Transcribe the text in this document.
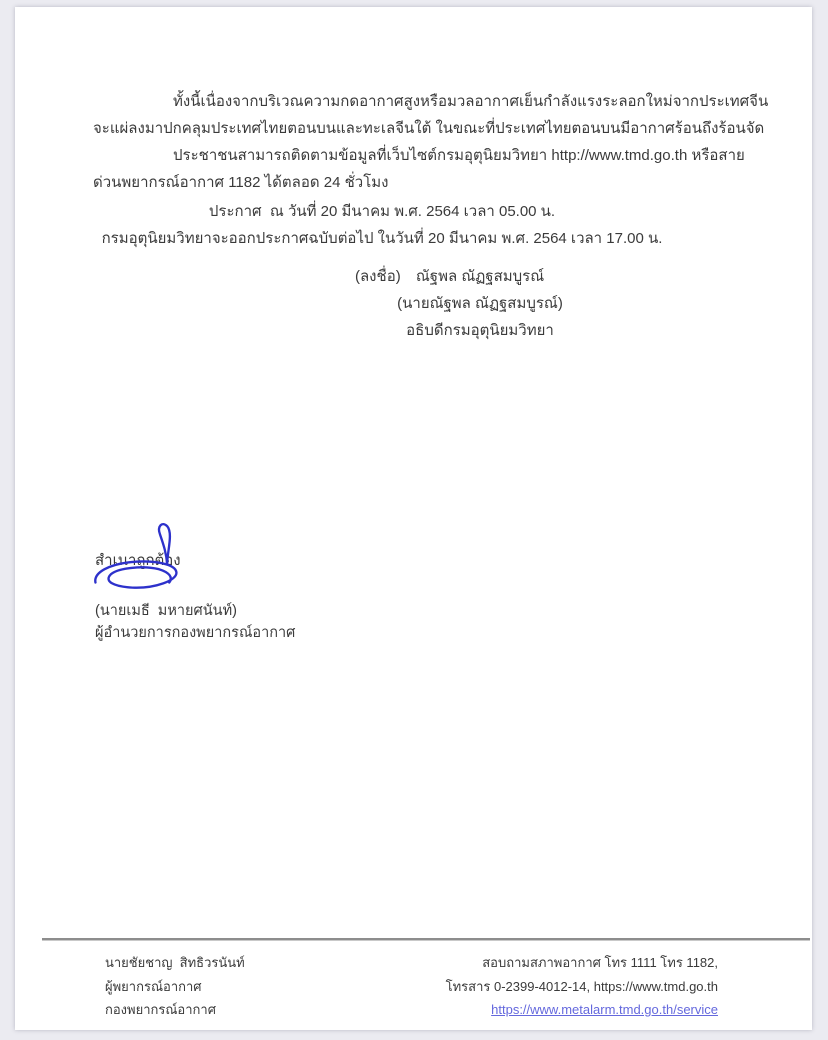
ทั้งนี้เนื่องจากบริเวณความกดอากาศสูงหรือมวลอากาศเย็นกำลังแรงระลอกใหม่จากประเทศจีนจะแผ่ลงมาปกคลุมประเทศไทยตอนบนและทะเลจีนใต้ ในขณะที่ประเทศไทยตอนบนมีอากาศร้อนถึงร้อนจัด

ประชาชนสามารถติดตามข้อมูลที่เว็บไซต์กรมอุตุนิยมวิทยา http://www.tmd.go.th หรือสายด่วนพยากรณ์อากาศ 1182 ได้ตลอด 24 ชั่วโมง

ประกาศ  ณ วันที่ 20 มีนาคม พ.ศ. 2564 เวลา 05.00 น.
กรมอุตุนิยมวิทยาจะออกประกาศฉบับต่อไป ในวันที่ 20 มีนาคม พ.ศ. 2564 เวลา 17.00 น.
(ลงชื่อ)	ณัฐพล ณัฏฐสมบูรณ์
(นายณัฐพล ณัฏฐสมบูรณ์)
อธิบดีกรมอุตุนิยมวิทยา
สำเนาถูกต้อง
(นายเมธี  มหายศนันท์)
ผู้อำนวยการกองพยากรณ์อากาศ
นายชัยชาญ  สิทธิวรนันท์
ผู้พยากรณ์อากาศ
กองพยากรณ์อากาศ
สอบถามสภาพอากาศ โทร 1111 โทร 1182,
โทรสาร 0-2399-4012-14, https://www.tmd.go.th
https://www.metalarm.tmd.go.th/service
